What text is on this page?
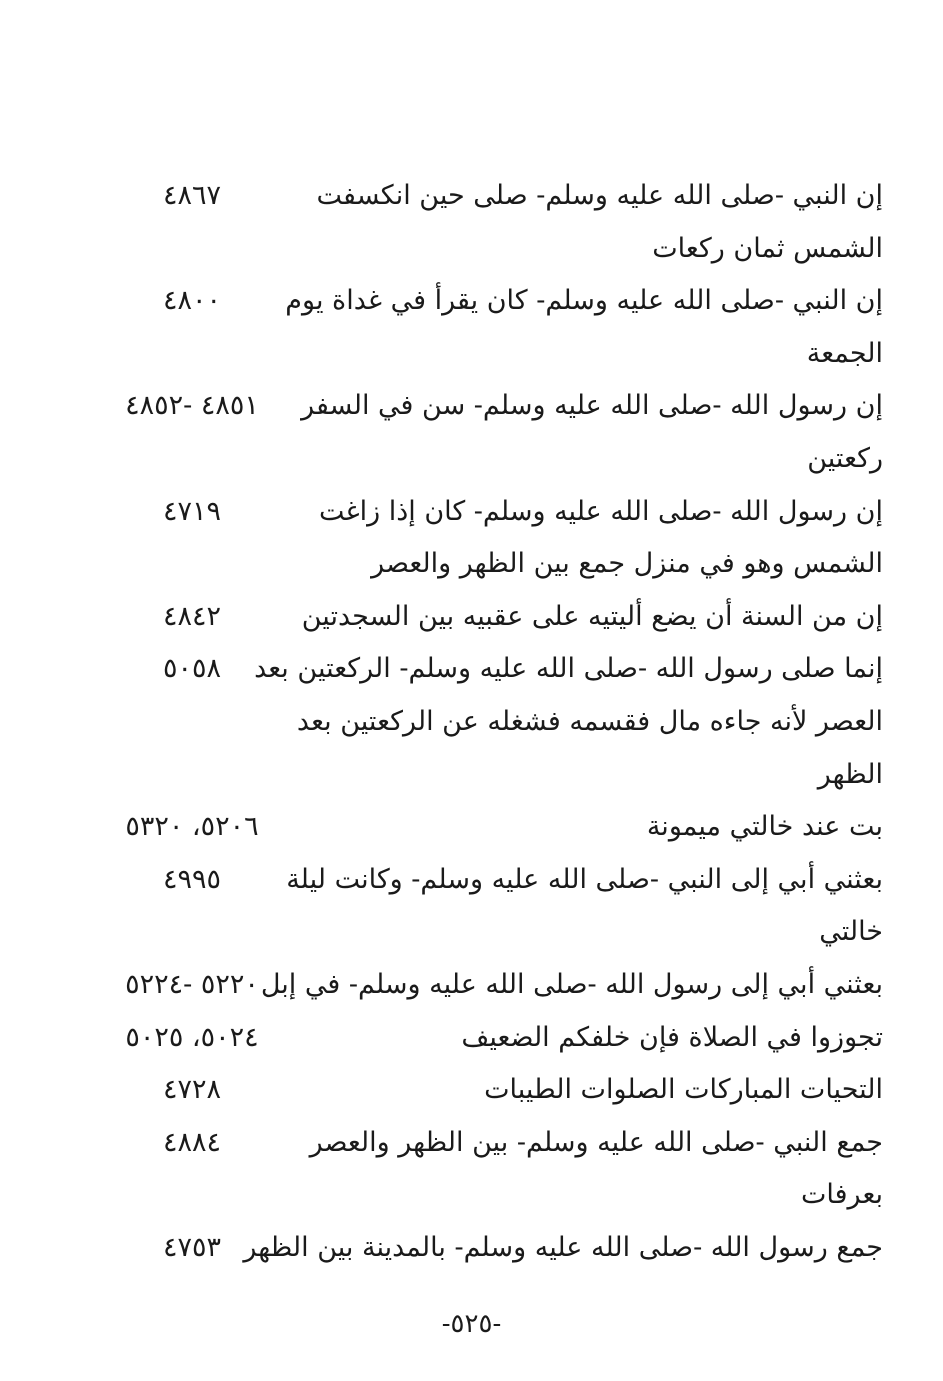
إن النبي -صلى الله عليه وسلم- صلى حين انكسفت
٤٨٦٧
الشمس ثمان ركعات
إن النبي -صلى الله عليه وسلم- كان يقرأ في غداة يوم
٤٨٠٠
الجمعة
إن رسول الله -صلى الله عليه وسلم- سن في السفر
٤٨٥١ -٤٨٥٢
ركعتين
إن رسول الله -صلى الله عليه وسلم- كان إذا زاغت
٤٧١٩
الشمس وهو في منزل جمع بين الظهر والعصر
إن من السنة أن يضع أليتيه على عقبيه بين السجدتين
٤٨٤٢
إنما صلى رسول الله -صلى الله عليه وسلم- الركعتين بعد
٥٠٥٨
العصر لأنه جاءه مال فقسمه فشغله عن الركعتين بعد
الظهر
بت عند خالتي ميمونة
٥٢٠٦، ٥٣٢٠
بعثني أبي إلى النبي -صلى الله عليه وسلم- وكانت ليلة
٤٩٩٥
خالتي
بعثني أبي إلى رسول الله -صلى الله عليه وسلم- في إبل
٥٢٢٠ -٥٢٢٤
تجوزوا في الصلاة فإن خلفكم الضعيف
٥٠٢٤، ٥٠٢٥
التحيات المباركات الصلوات الطيبات
٤٧٢٨
جمع النبي -صلى الله عليه وسلم- بين الظهر والعصر
٤٨٨٤
بعرفات
جمع رسول الله -صلى الله عليه وسلم- بالمدينة بين الظهر
٤٧٥٣
-٥٢٥-
